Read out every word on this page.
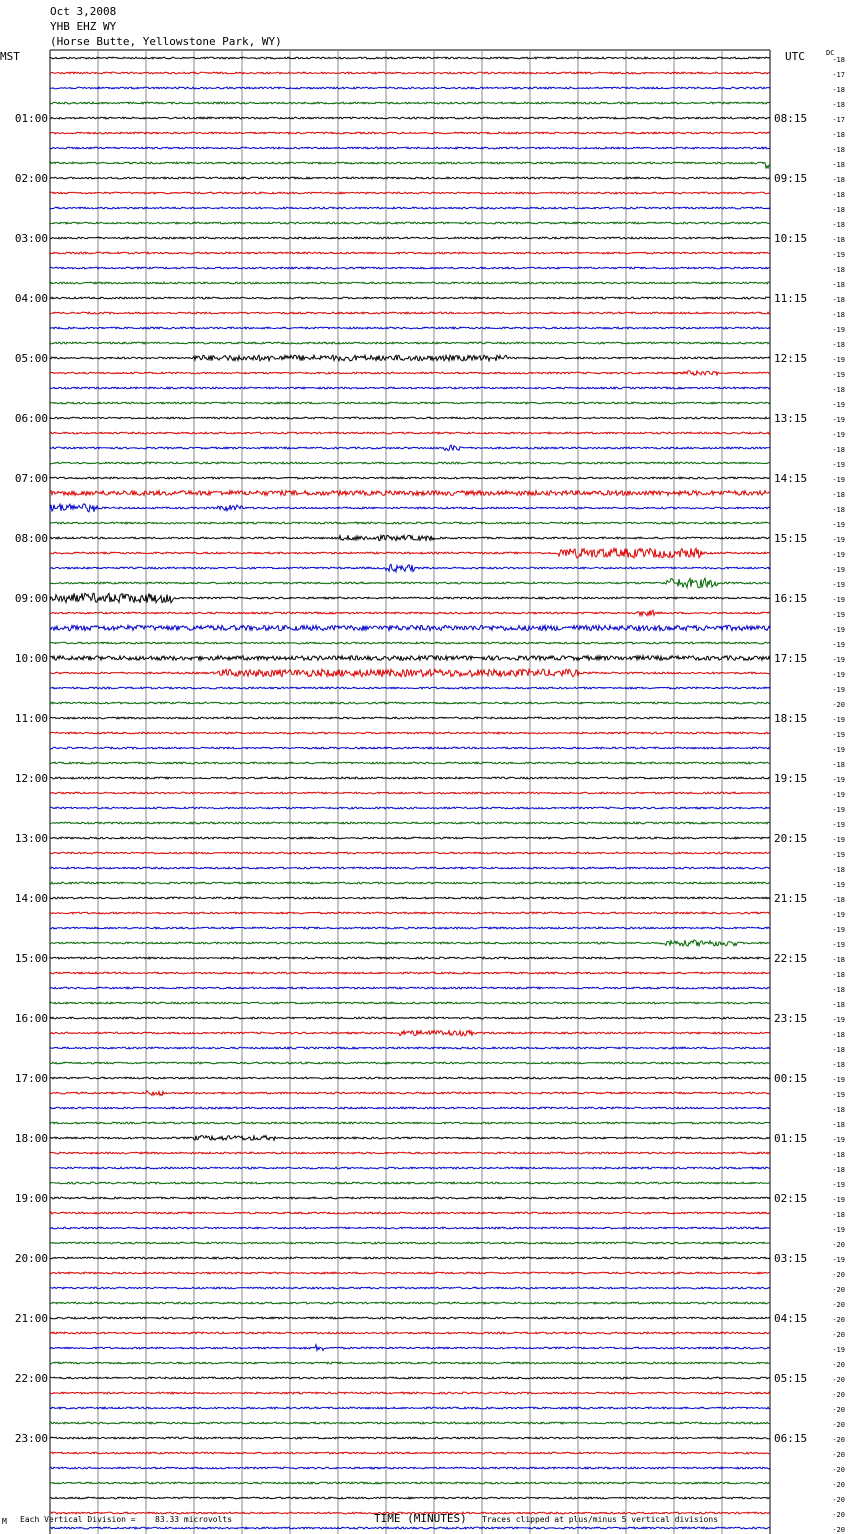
Oct 3,2008
YHB EHZ WY
(Horse Butte, Yellowstone Park, WY)
MST	UTC	DC
-18
-17
-18
-18
-17
-18
-18
-18
-18
-18
-18
-18
-18
-19
-18
-18
-18
-18
-19
-18
-19
-19
-18
-19
-19
-19
-18
-19
-19
-18
-18
-19
-19
-19
-19
-19
-19
-19
-19
-19
-19
-19
-19
-20
-19
-19
-19
-18
-19
-19
-19
-19
-19
-19
-18
-19
-18
-19
-19
-19
-18
-18
-18
-18
-19
-18
-18
-18
-19
-19
-18
-18
-19
-18
-18
-19
-19
-18
-19
-20
-19
-20
-20
-20
-20
-20
-19
-20
-20
-20
-20
-20
-20
-20
-20
-20
-20
-20
-20
01:00
02:00
03:00
04:00
05:00
06:00
07:00
08:00
09:00
10:00
11:00
12:00
13:00
14:00
15:00
16:00
17:00
18:00
19:00
20:00
21:00
22:00
23:00
08:15
09:15
10:15
11:15
12:15
13:15
14:15
15:15
16:15
17:15
18:15
19:15
20:15
21:15
22:15
23:15
00:15
01:15
02:15
03:15
04:15
05:15
06:15
M Each Vertical Division = 83.33 microvolts	TIME (MINUTES) Traces clipped at plus/minus 5 vertical divisions
